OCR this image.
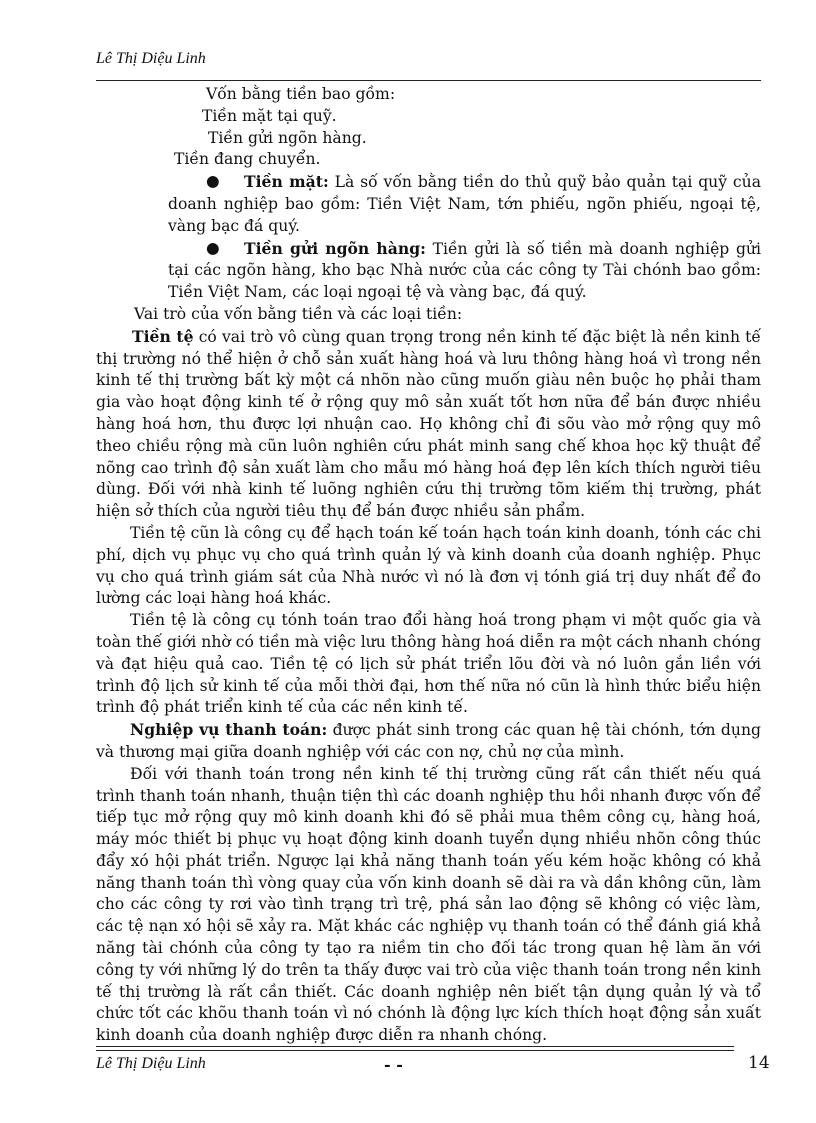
Lê Thị Diệu Linh

Vốn bằng tiền bao gồm:

Tiền mặt tại quỹ.

Tiền gửi ngõn hàng.

Tiền đang chuyển.

●	Tiền mặt: Là số vốn bằng tiền do thủ quỹ bảo quản tại quỹ của doanh nghiệp bao gồm: Tiền Việt Nam, tớn phiếu, ngõn phiếu, ngoại tệ, vàng bạc đá quý.
●	Tiền gửi ngõn hàng: Tiền gửi là số tiền mà doanh nghiệp gửi tại các ngõn hàng, kho bạc Nhà nước của các công ty Tài chónh bao gồm: Tiền Việt Nam, các loại ngoại tệ và vàng bạc, đá quý.

Vai trò của vốn bằng tiền và các loại tiền:

Tiền tệ có vai trò vô cùng quan trọng trong nền kinh tế đặc biệt là nền kinh tế thị trường nó thể hiện ở chỗ sản xuất hàng hoá và lưu thông hàng hoá vì trong nền kinh tế thị trường bất kỳ một cá nhõn nào cũng muốn giàu nên buộc họ phải tham gia vào hoạt động kinh tế ở rộng quy mô sản xuất tốt hơn nữa để bán được nhiều hàng hoá hơn, thu được lợi nhuận cao. Họ không chỉ đi sõu vào mở rộng quy mô theo chiều rộng mà cũn luôn nghiên cứu phát minh sang chế khoa học kỹ thuật để nõng cao trình độ sản xuất làm cho mẫu mó hàng hoá đẹp lên kích thích người tiêu dùng. Đối với nhà kinh tế luõng nghiên cứu thị trường tõm kiếm thị trường, phát hiện sở thích của người tiêu thụ để bán được nhiều sản phẩm.

Tiền tệ cũn là công cụ để hạch toán kế toán hạch toán kinh doanh, tónh các chi phí, dịch vụ phục vụ cho quá trình quản lý và kinh doanh của doanh nghiệp. Phục vụ cho quá trình giám sát của Nhà nước vì nó là đơn vị tónh giá trị duy nhất để đo lường các loại hàng hoá khác.

Tiền tệ là công cụ tónh toán trao đổi hàng hoá trong phạm vi một quốc gia và toàn thế giới nhờ có tiền mà việc lưu thông hàng hoá diễn ra một cách nhanh chóng và đạt hiệu quả cao. Tiền tệ có lịch sử phát triển lõu đời và nó luôn gắn liền với trình độ lịch sử kinh tế của mỗi thời đại, hơn thế nữa nó cũn là hình thức biểu hiện trình độ phát triển kinh tế của các nền kinh tế.

Nghiệp vụ thanh toán: được phát sinh trong các quan hệ tài chónh, tớn dụng và thương mại giữa doanh nghiệp với các con nợ, chủ nợ của mình.

Đối với thanh toán trong nền kinh tế thị trường cũng rất cần thiết nếu quá trình thanh toán nhanh, thuận tiện thì các doanh nghiệp thu hồi nhanh được vốn để tiếp tục mở rộng quy mô kinh doanh khi đó sẽ phải mua thêm công cụ, hàng hoá, máy móc thiết bị phục vụ hoạt động kinh doanh tuyển dụng nhiều nhõn công thúc đẩy xó hội phát triển. Ngược lại khả năng thanh toán yếu kém hoặc không có khả năng thanh toán thì vòng quay của vốn kinh doanh sẽ dài ra và dần không cũn, làm cho các công ty rơi vào tình trạng trì trệ, phá sản lao động sẽ không có việc làm, các tệ nạn xó hội sẽ xảy ra. Mặt khác các nghiệp vụ thanh toán có thể đánh giá khả năng tài chónh của công ty tạo ra niềm tin cho đối tác trong quan hệ làm ăn với công ty với những lý do trên ta thấy được vai trò của việc thanh toán trong nền kinh tế thị trường là rất cần thiết. Các doanh nghiệp nên biết tận dụng quản lý và tổ chức tốt các khõu thanh toán vì nó chónh là động lực kích thích hoạt động sản xuất kinh doanh của doanh nghiệp được diễn ra nhanh chóng.

Lê Thị Diệu Linh	- -	14
